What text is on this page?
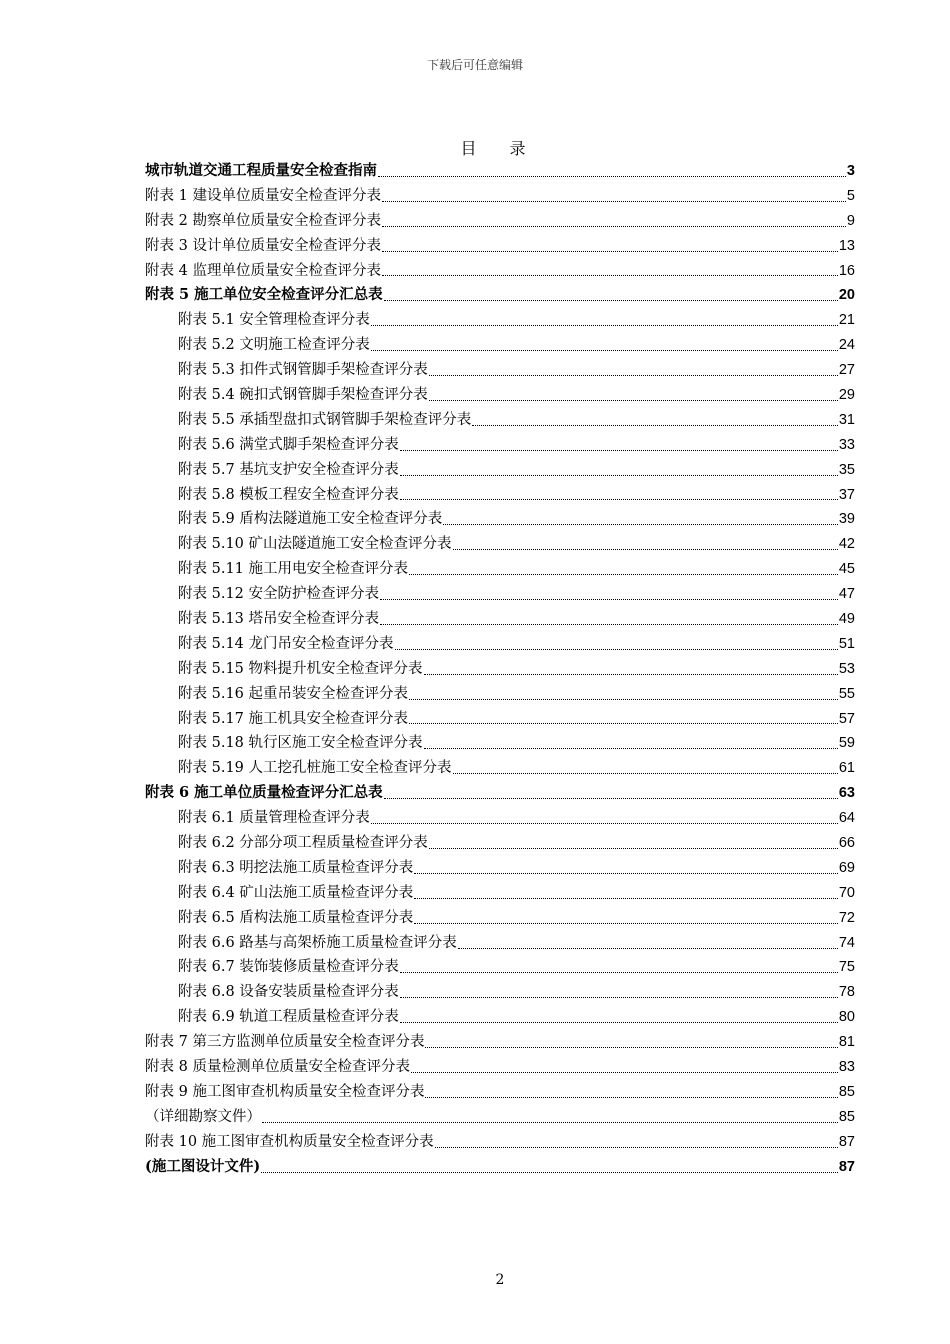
下载后可任意编辑
目 录
城市轨道交通工程质量安全检查指南	3
附表 1 建设单位质量安全检查评分表	5
附表 2 勘察单位质量安全检查评分表	9
附表 3 设计单位质量安全检查评分表	13
附表 4 监理单位质量安全检查评分表	16
附表 5 施工单位安全检查评分汇总表	20
附表 5.1 安全管理检查评分表	21
附表 5.2 文明施工检查评分表	24
附表 5.3 扣件式钢管脚手架检查评分表	27
附表 5.4 碗扣式钢管脚手架检查评分表	29
附表 5.5 承插型盘扣式钢管脚手架检查评分表	31
附表 5.6 满堂式脚手架检查评分表	33
附表 5.7 基坑支护安全检查评分表	35
附表 5.8 模板工程安全检查评分表	37
附表 5.9 盾构法隧道施工安全检查评分表	39
附表 5.10 矿山法隧道施工安全检查评分表	42
附表 5.11 施工用电安全检查评分表	45
附表 5.12 安全防护检查评分表	47
附表 5.13 塔吊安全检查评分表	49
附表 5.14 龙门吊安全检查评分表	51
附表 5.15 物料提升机安全检查评分表	53
附表 5.16 起重吊装安全检查评分表	55
附表 5.17 施工机具安全检查评分表	57
附表 5.18 轨行区施工安全检查评分表	59
附表 5.19 人工挖孔桩施工安全检查评分表	61
附表 6 施工单位质量检查评分汇总表	63
附表 6.1 质量管理检查评分表	64
附表 6.2 分部分项工程质量检查评分表	66
附表 6.3 明挖法施工质量检查评分表	69
附表 6.4 矿山法施工质量检查评分表	70
附表 6.5 盾构法施工质量检查评分表	72
附表 6.6 路基与高架桥施工质量检查评分表	74
附表 6.7 装饰装修质量检查评分表	75
附表 6.8 设备安装质量检查评分表	78
附表 6.9 轨道工程质量检查评分表	80
附表 7 第三方监测单位质量安全检查评分表	81
附表 8 质量检测单位质量安全检查评分表	83
附表 9 施工图审查机构质量安全检查评分表	85
（详细勘察文件）	85
附表 10 施工图审查机构质量安全检查评分表	87
(施工图设计文件)	87
2
